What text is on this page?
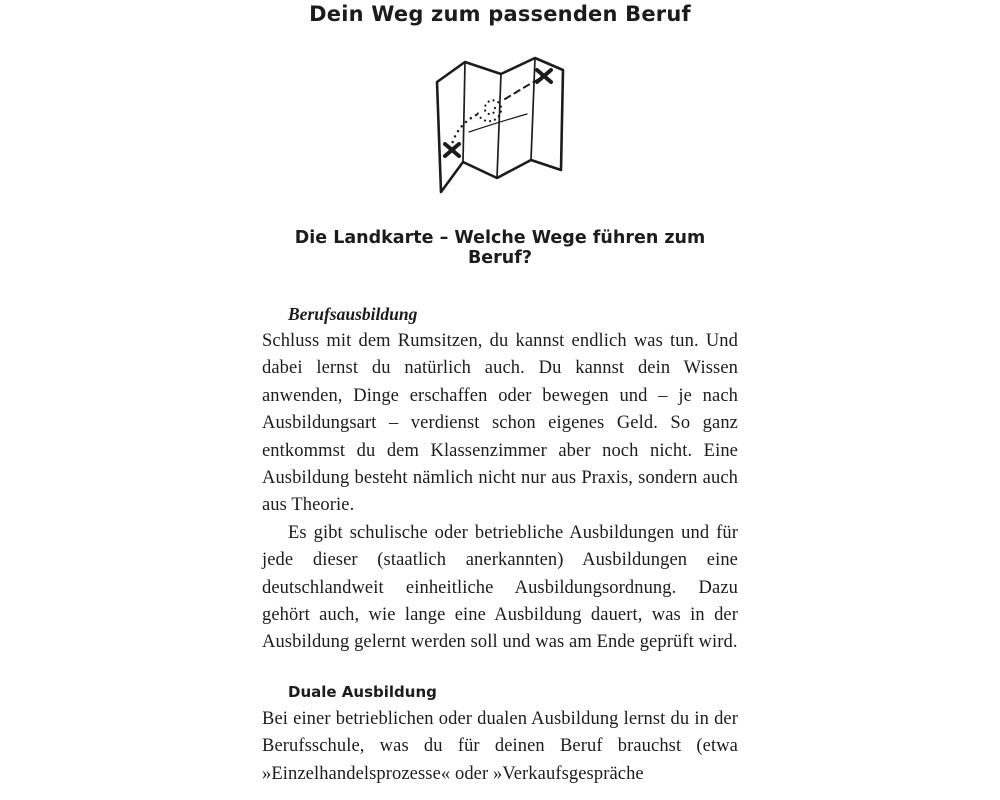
Dein Weg zum passenden Beruf
Die Landkarte – Welche Wege führen zum Beruf?
Berufsausbildung

Schluss mit dem Rumsitzen, du kannst endlich was tun. Und dabei lernst du natürlich auch. Du kannst dein Wissen anwenden, Dinge erschaffen oder bewegen und – je nach Ausbildungsart – verdienst schon eigenes Geld. So ganz entkommst du dem Klassenzimmer aber noch nicht. Eine Ausbildung besteht nämlich nicht nur aus Praxis, sondern auch aus Theorie.

Es gibt schulische oder betriebliche Ausbildungen und für jede dieser (staatlich anerkannten) Ausbildungen eine deutschlandweit einheitliche Ausbildungsordnung. Dazu gehört auch, wie lange eine Ausbildung dauert, was in der Ausbildung gelernt werden soll und was am Ende geprüft wird.

Duale Ausbildung

Bei einer betrieblichen oder dualen Ausbildung lernst du in der Berufsschule, was du für deinen Beruf brauchst (etwa »Einzelhandelsprozesse« oder »Verkaufsgespräche
